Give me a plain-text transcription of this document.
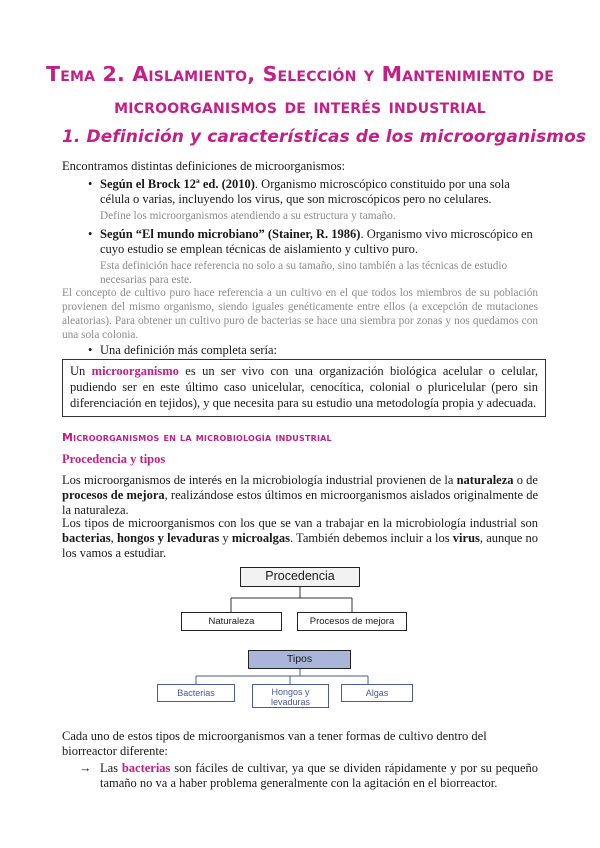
Tema 2. Aislamiento, Selección y Mantenimiento de
microorganismos de interés industrial
1. Definición y características de los microorganismos
Encontramos distintas definiciones de microorganismos:
• Según el Brock 12ª ed. (2010). Organismo microscópico constituido por una sola célula o varias, incluyendo los virus, que son microscópicos pero no celulares.
Define los microorganismos atendiendo a su estructura y tamaño.
• Según “El mundo microbiano” (Stainer, R. 1986). Organismo vivo microscópico en cuyo estudio se emplean técnicas de aislamiento y cultivo puro.
Esta definición hace referencia no solo a su tamaño, sino también a las técnicas de estudio necesarias para este.
El concepto de cultivo puro hace referencia a un cultivo en el que todos los miembros de su población provienen del mismo organismo, siendo iguales genéticamente entre ellos (a excepción de mutaciones aleatorias). Para obtener un cultivo puro de bacterias se hace una siembra por zonas y nos quedamos con una sola colonia.
• Una definición más completa sería:
Un microorganismo es un ser vivo con una organización biológica acelular o celular, pudiendo ser en este último caso unicelular, cenocítica, colonial o pluricelular (pero sin diferenciación en tejidos), y que necesita para su estudio una metodología propia y adecuada.
Microorganismos en la microbiología industrial
Procedencia y tipos
Los microorganismos de interés en la microbiología industrial provienen de la naturaleza o de procesos de mejora, realizándose estos últimos en microorganismos aislados originalmente de la naturaleza.
Los tipos de microorganismos con los que se van a trabajar en la microbiología industrial son bacterias, hongos y levaduras y microalgas. También debemos incluir a los virus, aunque no los vamos a estudiar.
Procedencia
Naturaleza	Procesos de mejora
Tipos
Bacterias	Hongos y levaduras
Algas
Cada uno de estos tipos de microorganismos van a tener formas de cultivo dentro del biorreactor diferente:
→ Las bacterias son fáciles de cultivar, ya que se dividen rápidamente y por su pequeño tamaño no va a haber problema generalmente con la agitación en el biorreactor.
